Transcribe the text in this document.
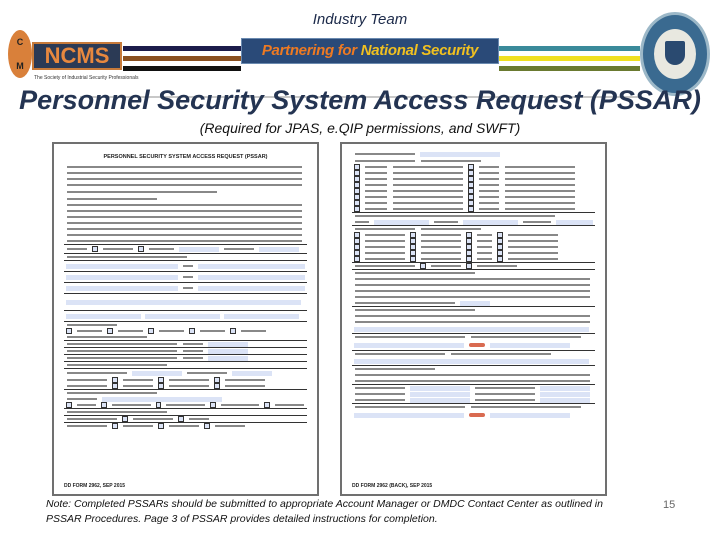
Industry Team
C

M NCMS
The Society of Industrial Security Professionals
Partnering for National Security
Personnel Security System Access Request (PSSAR)
(Required for JPAS, e.QIP permissions, and SWFT)
PERSONNEL SECURITY SYSTEM ACCESS REQUEST (PSSAR)
DD FORM 2962, SEP 2015	DD FORM 2962 (BACK), SEP 2015
Note: Completed PSSARs should be submitted to appropriate Account Manager or DMDC Contact Center as outlined in PSSAR Procedures. Page 3 of PSSAR provides detailed instructions for completion.
15
